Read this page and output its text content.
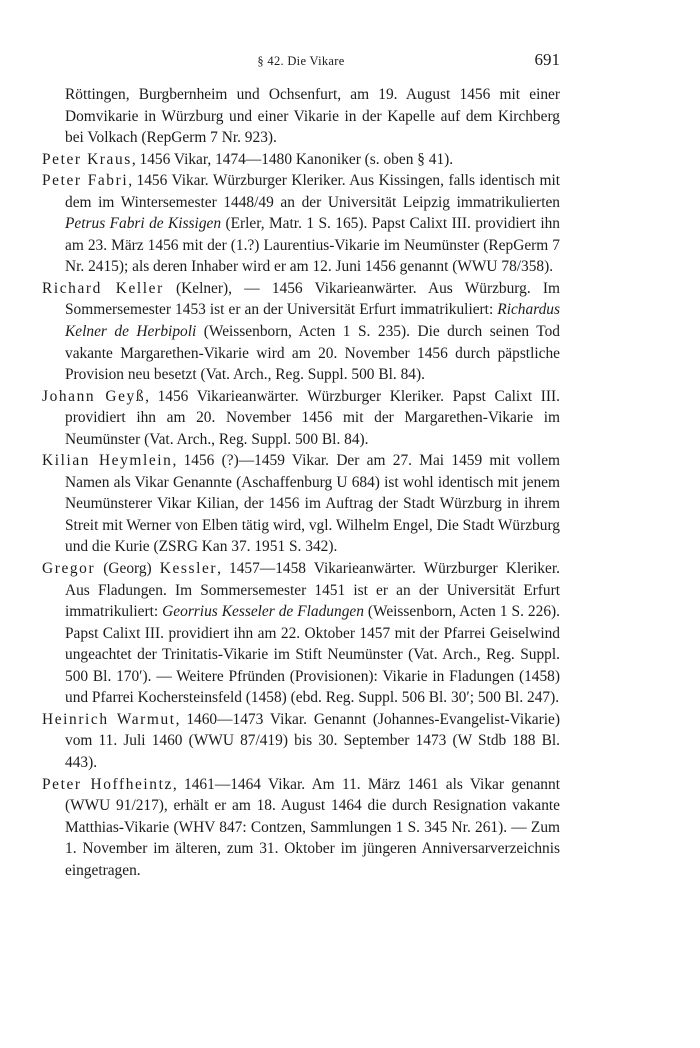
§ 42. Die Vikare	691

Röttingen, Burgbernheim und Ochsenfurt, am 19. August 1456 mit einer Domvikarie in Würzburg und einer Vikarie in der Kapelle auf dem Kirchberg bei Volkach (RepGerm 7 Nr. 923).

Peter Kraus, 1456 Vikar, 1474—1480 Kanoniker (s. oben § 41).

Peter Fabri, 1456 Vikar. Würzburger Kleriker. Aus Kissingen, falls identisch mit dem im Wintersemester 1448/49 an der Universität Leipzig immatrikulierten Petrus Fabri de Kissigen (Erler, Matr. 1 S. 165). Papst Calixt III. providiert ihn am 23. März 1456 mit der (1.?) Laurentius-Vikarie im Neumünster (RepGerm 7 Nr. 2415); als deren Inhaber wird er am 12. Juni 1456 genannt (WWU 78/358).

Richard Keller (Kelner), — 1456 Vikarieanwärter. Aus Würzburg. Im Sommersemester 1453 ist er an der Universität Erfurt immatrikuliert: Richardus Kelner de Herbipoli (Weissenborn, Acten 1 S. 235). Die durch seinen Tod vakante Margarethen-Vikarie wird am 20. November 1456 durch päpstliche Provision neu besetzt (Vat. Arch., Reg. Suppl. 500 Bl. 84).

Johann Geyß, 1456 Vikarieanwärter. Würzburger Kleriker. Papst Calixt III. providiert ihn am 20. November 1456 mit der Margarethen-Vikarie im Neumünster (Vat. Arch., Reg. Suppl. 500 Bl. 84).

Kilian Heymlein, 1456 (?)—1459 Vikar. Der am 27. Mai 1459 mit vollem Namen als Vikar Genannte (Aschaffenburg U 684) ist wohl identisch mit jenem Neumünsterer Vikar Kilian, der 1456 im Auftrag der Stadt Würzburg in ihrem Streit mit Werner von Elben tätig wird, vgl. Wilhelm Engel, Die Stadt Würzburg und die Kurie (ZSRG Kan 37. 1951 S. 342).

Gregor (Georg) Kessler, 1457—1458 Vikarieanwärter. Würzburger Kleriker. Aus Fladungen. Im Sommersemester 1451 ist er an der Universität Erfurt immatrikuliert: Georrius Kesseler de Fladungen (Weissenborn, Acten 1 S. 226). Papst Calixt III. providiert ihn am 22. Oktober 1457 mit der Pfarrei Geiselwind ungeachtet der Trinitatis-Vikarie im Stift Neumünster (Vat. Arch., Reg. Suppl. 500 Bl. 170′). — Weitere Pfründen (Provisionen): Vikarie in Fladungen (1458) und Pfarrei Kochersteinsfeld (1458) (ebd. Reg. Suppl. 506 Bl. 30′; 500 Bl. 247).

Heinrich Warmut, 1460—1473 Vikar. Genannt (Johannes-Evangelist-Vikarie) vom 11. Juli 1460 (WWU 87/419) bis 30. September 1473 (W Stdb 188 Bl. 443).

Peter Hoffheintz, 1461—1464 Vikar. Am 11. März 1461 als Vikar genannt (WWU 91/217), erhält er am 18. August 1464 die durch Resignation vakante Matthias-Vikarie (WHV 847: Contzen, Sammlungen 1 S. 345 Nr. 261). — Zum 1. November im älteren, zum 31. Oktober im jüngeren Anniversarverzeichnis eingetragen.
